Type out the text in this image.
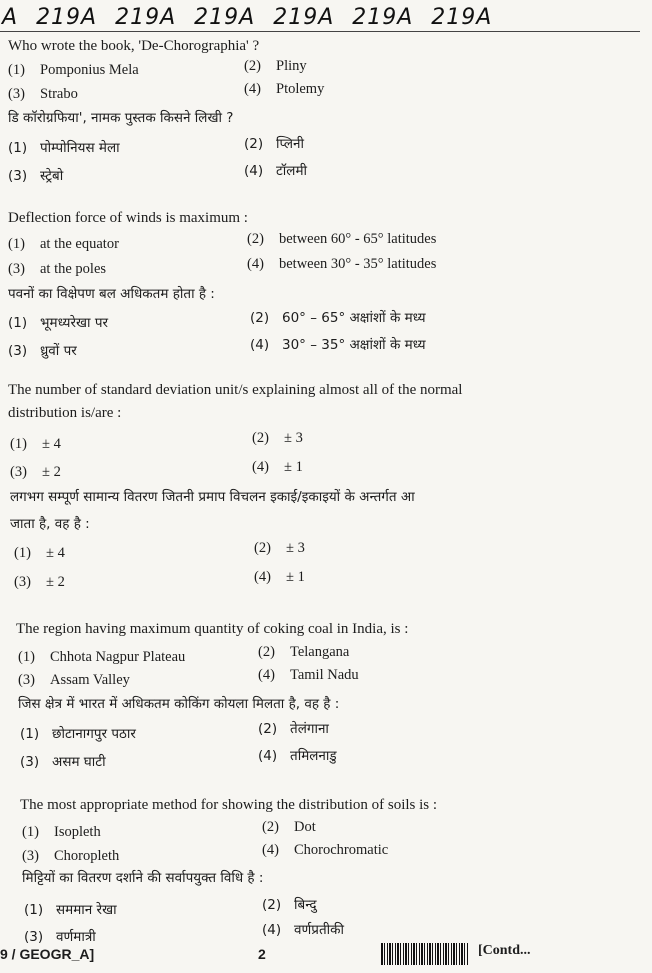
A 219A 219A 219A 219A 219A 219A
Who wrote the book, 'De-Chorographia' ?
(1) Pomponius Mela	(2) Pliny
(3) Strabo	(4) Ptolemy
डि कॉरोग्रफिया', नामक पुस्तक किसने लिखी ?
(1) पोम्पोनियस मेला	(2) प्लिनी
(3) स्ट्रेबो	(4) टॉलमी
Deflection force of winds is maximum :
(1) at the equator	(2) between 60° - 65° latitudes
(3) at the poles	(4) between 30° - 35° latitudes
पवनों का विक्षेपण बल अधिकतम होता है :
(1) भूमध्यरेखा पर	(2) 60° – 65° अक्षांशों के मध्य
(3) ध्रुवों पर	(4) 30° – 35° अक्षांशों के मध्य
The number of standard deviation unit/s explaining almost all of the normal
distribution is/are :
(1) ± 4	(2) ± 3
(3) ± 2	(4) ± 1
लगभग सम्पूर्ण सामान्य वितरण जितनी प्रमाप विचलन इकाई/इकाइयों के अन्तर्गत आ
जाता है, वह है :
(1) ± 4	(2) ± 3
(3) ± 2	(4) ± 1
The region having maximum quantity of coking coal in India, is :
(1) Chhota Nagpur Plateau	(2) Telangana
(3) Assam Valley	(4) Tamil Nadu
जिस क्षेत्र में भारत में अधिकतम कोकिंग कोयला मिलता है, वह है :
(1) छोटानागपुर पठार	(2) तेलंगाना
(3) असम घाटी	(4) तमिलनाडु
The most appropriate method for showing the distribution of soils is :
(1) Isopleth	(2) Dot
(3) Choropleth	(4) Chorochromatic
मिट्टियों का वितरण दर्शाने की सर्वापयुक्त विधि है :
(1) सममान रेखा	(2) बिन्दु
(3) वर्णमात्री	(4) वर्णप्रतीकी
9 / GEOGR_A]	2	[Contd...
